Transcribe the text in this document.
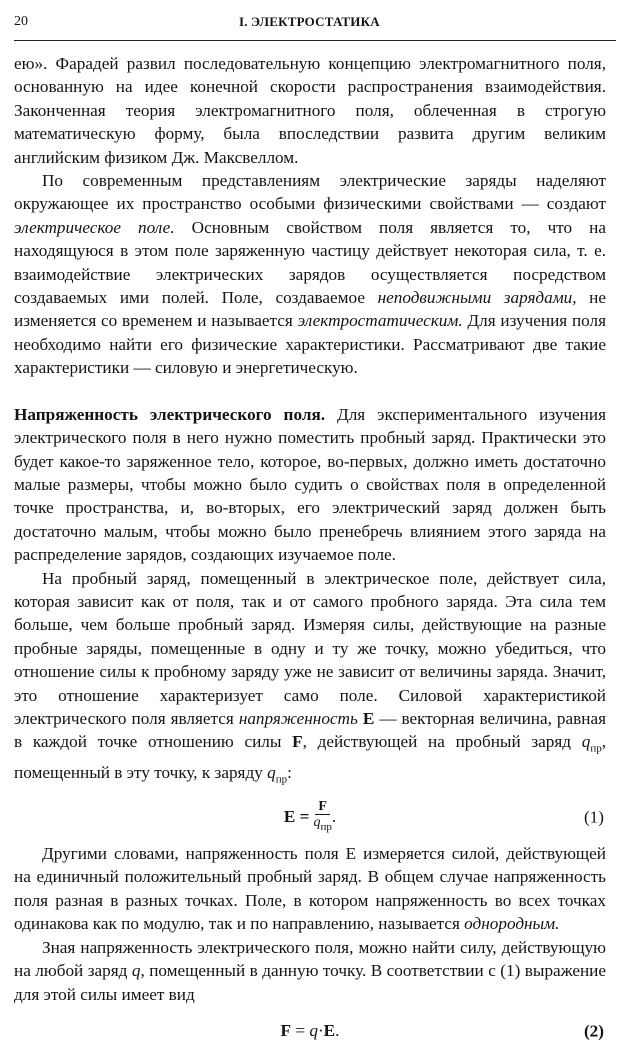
20	I. ЭЛЕКТРОСТАТИКА

ею». Фарадей развил последовательную концепцию электромагнитного поля, основанную на идее конечной скорости распространения взаимодействия. Законченная теория электромагнитного поля, облеченная в строгую математическую форму, была впоследствии развита другим великим английским физиком Дж. Максвеллом.

По современным представлениям электрические заряды наделяют окружающее их пространство особыми физическими свойствами — создают электрическое поле. Основным свойством поля является то, что на находящуюся в этом поле заряженную частицу действует некоторая сила, т. е. взаимодействие электрических зарядов осуществляется посредством создаваемых ими полей. Поле, создаваемое неподвижными зарядами, не изменяется со временем и называется электростатическим. Для изучения поля необходимо найти его физические характеристики. Рассматривают две такие характеристики — силовую и энергетическую.

Напряженность электрического поля. Для экспериментального изучения электрического поля в него нужно поместить пробный заряд. Практически это будет какое-то заряженное тело, которое, во-первых, должно иметь достаточно малые размеры, чтобы можно было судить о свойствах поля в определенной точке пространства, и, во-вторых, его электрический заряд должен быть достаточно малым, чтобы можно было пренебречь влиянием этого заряда на распределение зарядов, создающих изучаемое поле.

На пробный заряд, помещенный в электрическое поле, действует сила, которая зависит как от поля, так и от самого пробного заряда. Эта сила тем больше, чем больше пробный заряд. Измеряя силы, действующие на разные пробные заряды, помещенные в одну и ту же точку, можно убедиться, что отношение силы к пробному заряду уже не зависит от величины заряда. Значит, это отношение характеризует само поле. Силовой характеристикой электрического поля является напряженность E — векторная величина, равная в каждой точке отношению силы F, действующей на пробный заряд $q_{пр}$, помещенный в эту точку, к заряду $q_{пр}$:

$E = \frac{F}{q_{пр}}$ .	(1)

Другими словами, напряженность поля E измеряется силой, действующей на единичный положительный пробный заряд. В общем случае напряженность поля разная в разных точках. Поле, в котором напряженность во всех точках одинакова как по модулю, так и по направлению, называется однородным.

Зная напряженность электрического поля, можно найти силу, действующую на любой заряд q, помещенный в данную точку. В соответствии с (1) выражение для этой силы имеет вид

F = q · E .	(2)
